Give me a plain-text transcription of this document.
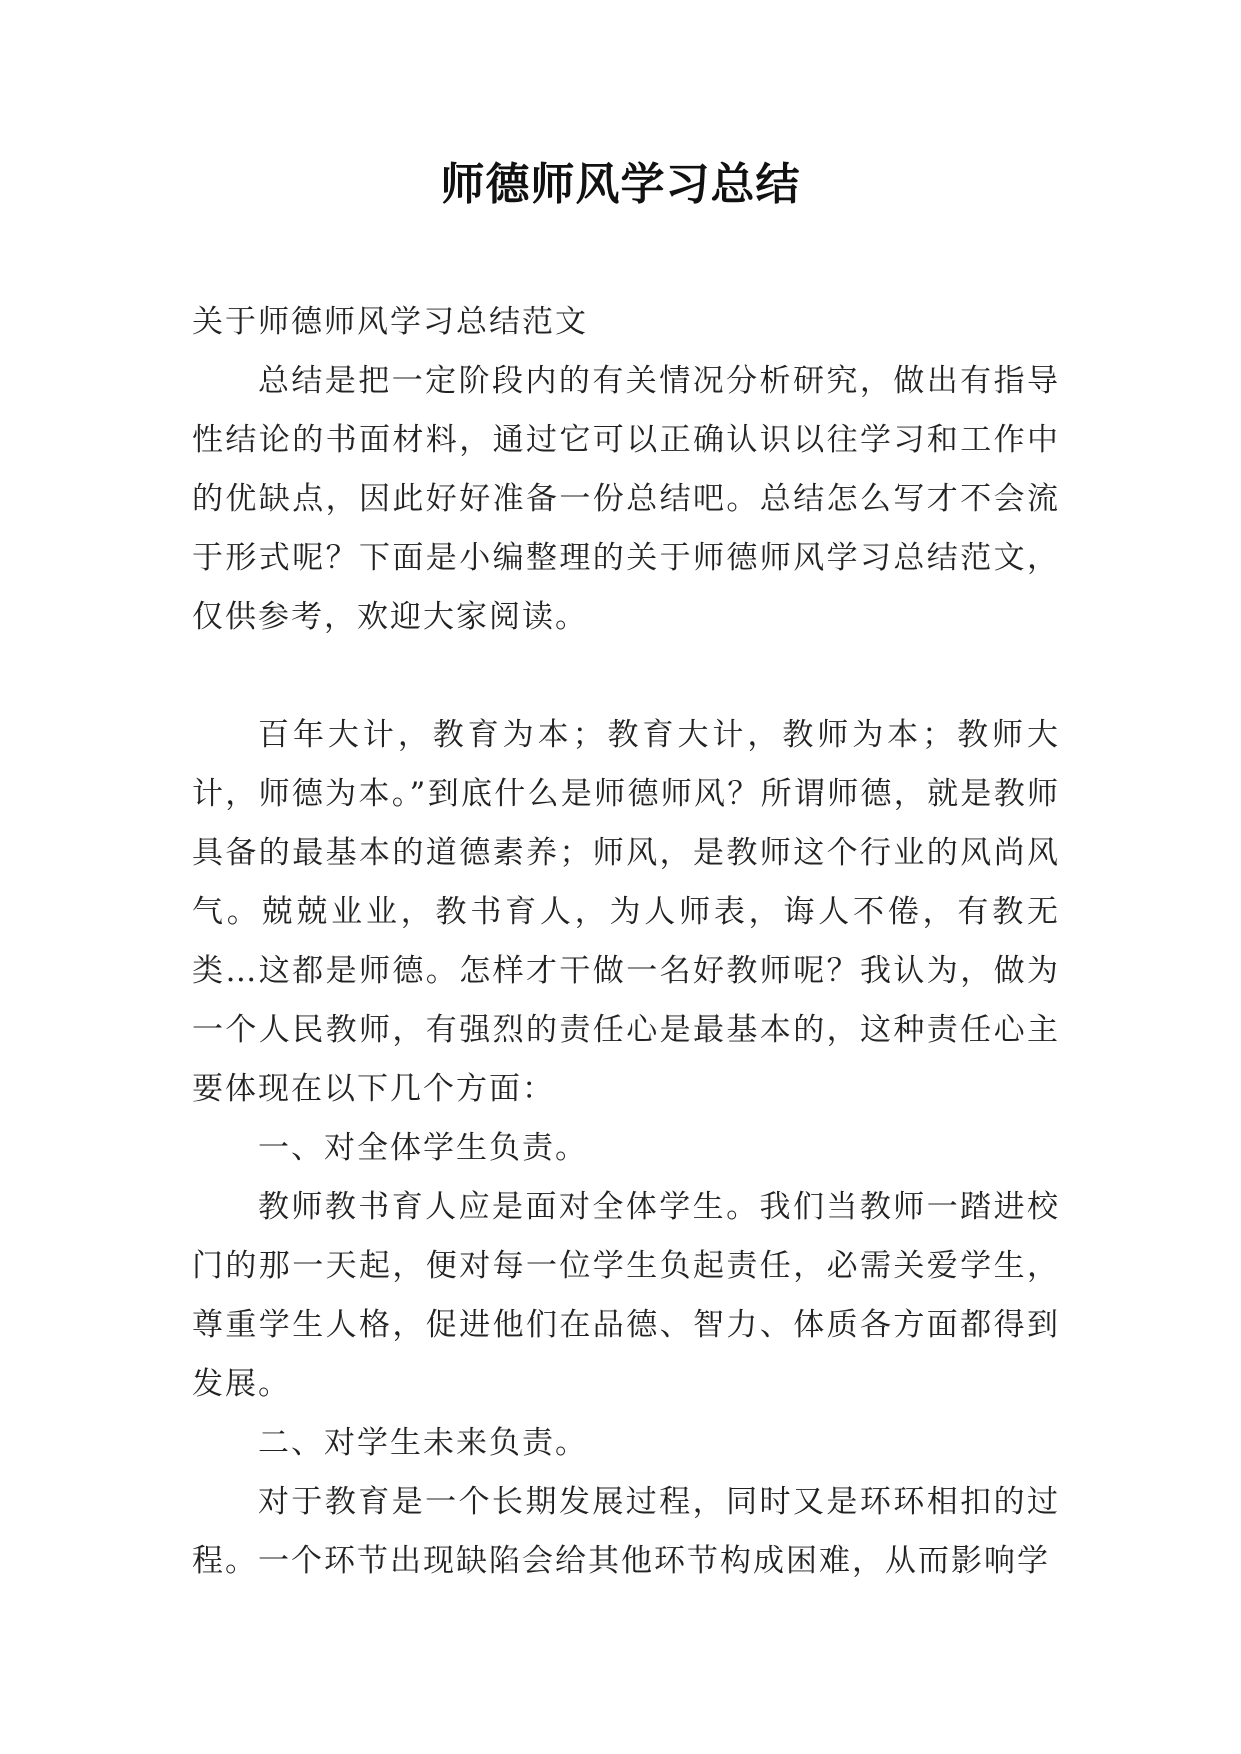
师德师风学习总结

关于师德师风学习总结范文

总结是把一定阶段内的有关情况分析研究，做出有指导性结论的书面材料，通过它可以正确认识以往学习和工作中的优缺点，因此好好准备一份总结吧。总结怎么写才不会流于形式呢？下面是小编整理的关于师德师风学习总结范文，仅供参考，欢迎大家阅读。

百年大计，教育为本；教育大计，教师为本；教师大计，师德为本。”到底什么是师德师风？所谓师德，就是教师具备的最基本的道德素养；师风，是教师这个行业的风尚风气。兢兢业业，教书育人，为人师表，诲人不倦，有教无类…这都是师德。怎样才干做一名好教师呢？我认为，做为一个人民教师，有强烈的责任心是最基本的，这种责任心主要体现在以下几个方面：

一、对全体学生负责。

教师教书育人应是面对全体学生。我们当教师一踏进校门的那一天起，便对每一位学生负起责任，必需关爱学生，尊重学生人格，促进他们在品德、智力、体质各方面都得到发展。

二、对学生未来负责。

对于教育是一个长期发展过程，同时又是环环相扣的过程。一个环节出现缺陷会给其他环节构成困难，从而影响学
